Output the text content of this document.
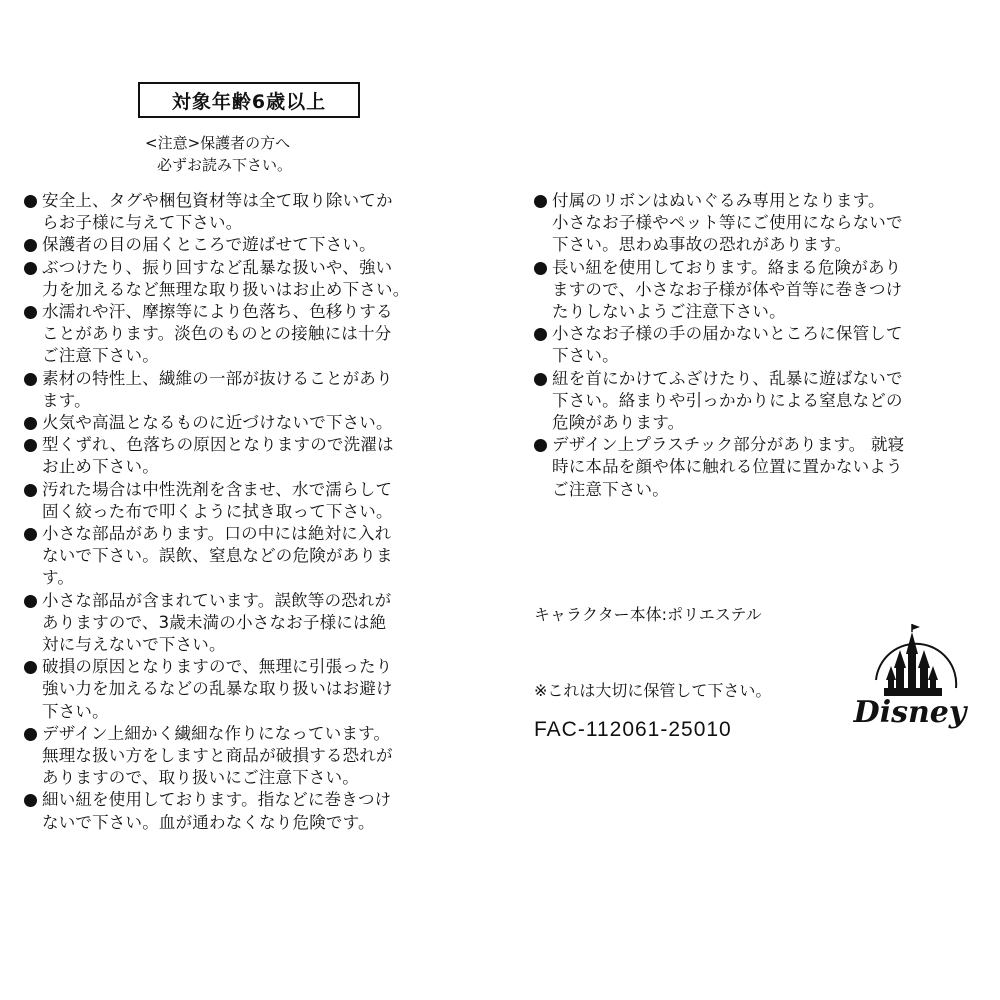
対象年齢6歳以上
<注意>保護者の方へ
必ずお読み下さい。
安全上、タグや梱包資材等は全て取り除いてか
らお子様に与えて下さい。
保護者の目の届くところで遊ばせて下さい。
ぶつけたり、振り回すなど乱暴な扱いや、強い
力を加えるなど無理な取り扱いはお止め下さい。
水濡れや汗、摩擦等により色落ち、色移りする
ことがあります。淡色のものとの接触には十分
ご注意下さい。
素材の特性上、繊維の一部が抜けることがあり
ます。
火気や高温となるものに近づけないで下さい。
型くずれ、色落ちの原因となりますので洗濯は
お止め下さい。
汚れた場合は中性洗剤を含ませ、水で濡らして
固く絞った布で叩くように拭き取って下さい。
小さな部品があります。口の中には絶対に入れ
ないで下さい。誤飲、窒息などの危険がありま
す。
小さな部品が含まれています。誤飲等の恐れが
ありますので、3歳未満の小さなお子様には絶
対に与えないで下さい。
破損の原因となりますので、無理に引張ったり
強い力を加えるなどの乱暴な取り扱いはお避け
下さい。
デザイン上細かく繊細な作りになっています。
無理な扱い方をしますと商品が破損する恐れが
ありますので、取り扱いにご注意下さい。
細い紐を使用しております。指などに巻きつけ
ないで下さい。血が通わなくなり危険です。
付属のリボンはぬいぐるみ専用となります。
小さなお子様やペット等にご使用にならないで
下さい。思わぬ事故の恐れがあります。
長い紐を使用しております。絡まる危険があり
ますので、小さなお子様が体や首等に巻きつけ
たりしないようご注意下さい。
小さなお子様の手の届かないところに保管して
下さい。
紐を首にかけてふざけたり、乱暴に遊ばないで
下さい。絡まりや引っかかりによる窒息などの
危険があります。
デザイン上プラスチック部分があります。 就寝
時に本品を顔や体に触れる位置に置かないよう
ご注意下さい。
キャラクター本体:ポリエステル
※これは大切に保管して下さい。
FAC-112061-25010	Disney
